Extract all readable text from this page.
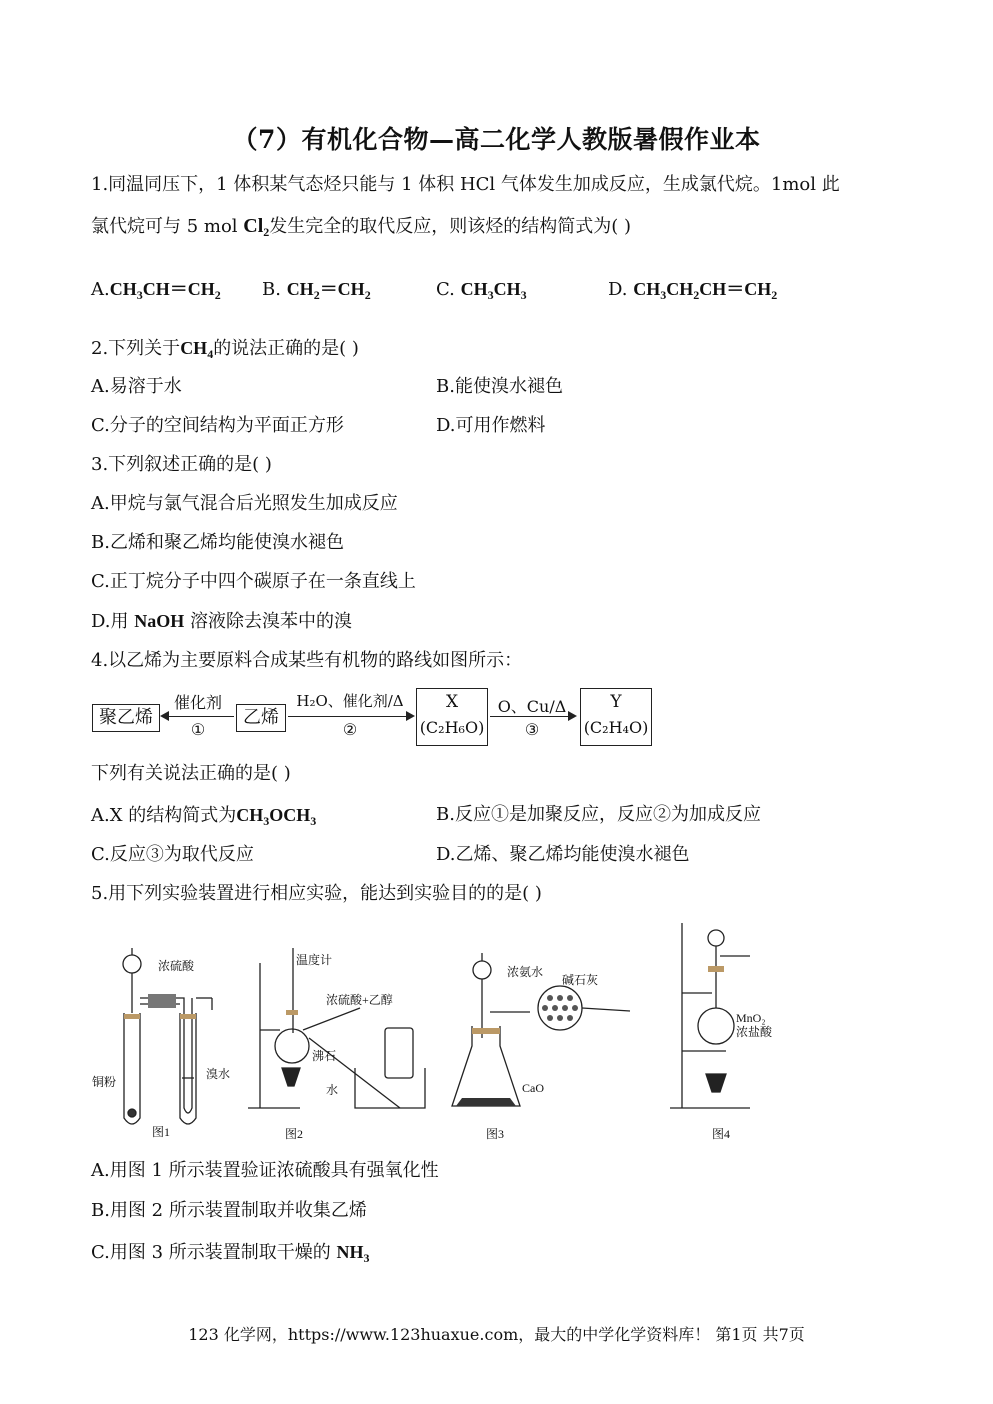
（7）有机化合物—高二化学人教版暑假作业本
1.同温同压下，1 体积某气态烃只能与 1 体积 HCl 气体发生加成反应，生成氯代烷。1mol 此
氯代烷可与 5 mol $Cl_2$发生完全的取代反应，则该烃的结构简式为( )
$A.CH_3CH=CH_2$ B. $CH_2=CH_2$	C. $CH_3CH_3$	D. $CH_3CH_2CH=CH_2$
2.下列关于$CH_4$的说法正确的是( )
A.易溶于水	B.能使溴水褪色
C.分子的空间结构为平面正方形	D.可用作燃料
3.下列叙述正确的是( )
A.甲烷与氯气混合后光照发生加成反应
B.乙烯和聚乙烯均能使溴水褪色
C.正丁烷分子中四个碳原子在一条直线上
D.用 NaOH 溶液除去溴苯中的溴
4.以乙烯为主要原料合成某些有机物的路线如图所示：
聚乙烯
催化剂
①
乙烯
H₂O、催化剂/Δ
②
X
(C₂H₆O)
O、Cu/Δ
③
Y
(C₂H₄O)
下列有关说法正确的是( )
A.X 的结构简式为$CH_3OCH_3$	B.反应①是加聚反应，反应②为加成反应
C.反应③为取代反应	D.乙烯、聚乙烯均能使溴水褪色
5.用下列实验装置进行相应实验，能达到实验目的的是( )
浓硫酸
铜粉
溴水
温度计
浓硫酸+乙醇
沸石
水
浓氨水
碱石灰
CaO
MnO₂
浓盐酸
图1	图2	图3	图4
A.用图 1 所示装置验证浓硫酸具有强氧化性
B.用图 2 所示装置制取并收集乙烯
C.用图 3 所示装置制取干燥的 $NH_3$
123 化学网，https://www.123huaxue.com，最大的中学化学资料库！ 第1页 共7页
